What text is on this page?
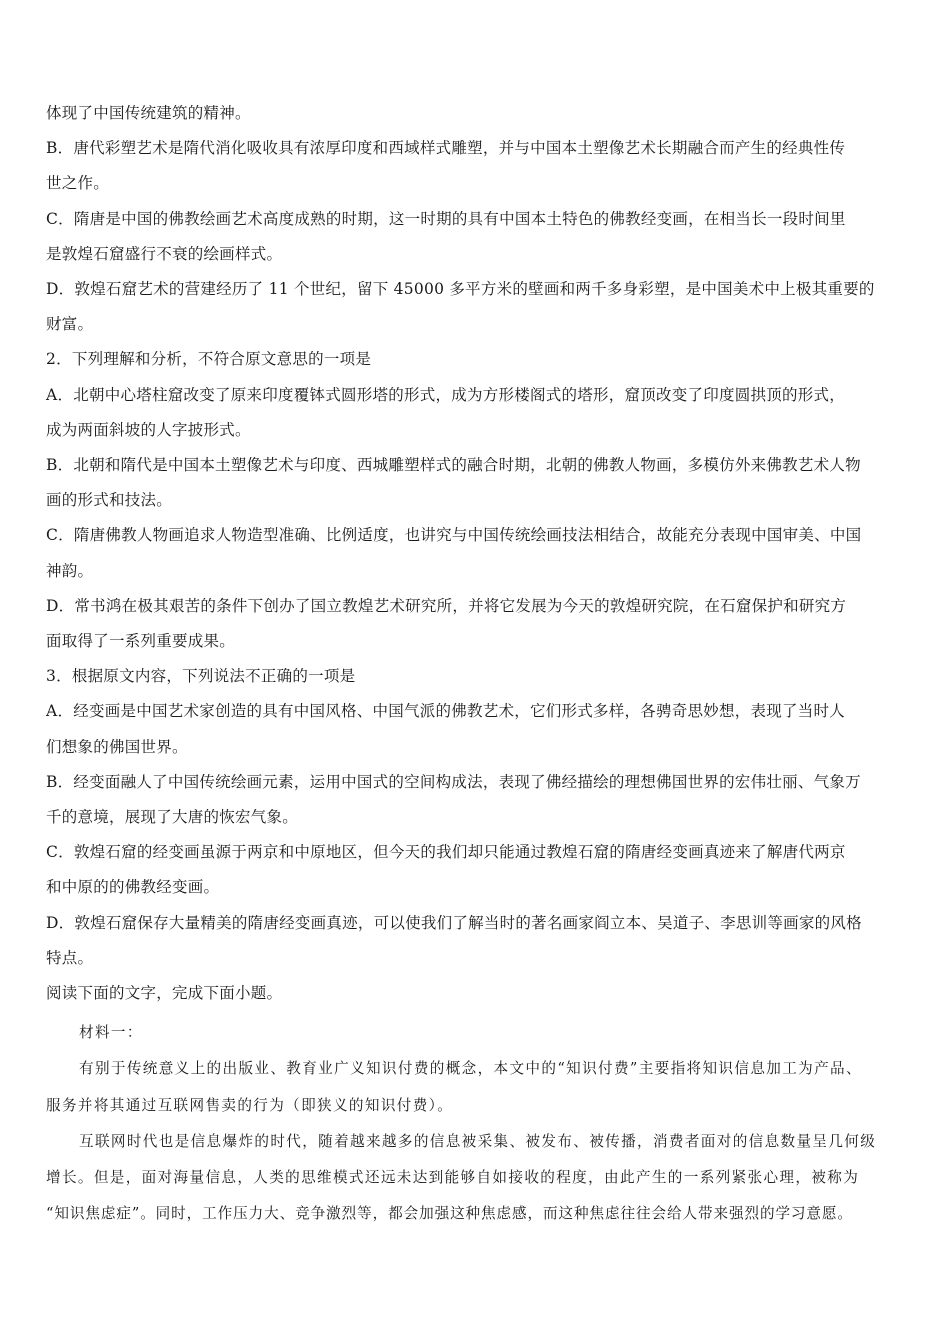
体现了中国传统建筑的精神。
B．唐代彩塑艺术是隋代消化吸收具有浓厚印度和西域样式雕塑，并与中国本土塑像艺术长期融合而产生的经典性传
世之作。
C．隋唐是中国的佛教绘画艺术高度成熟的时期，这一时期的具有中国本土特色的佛教经变画，在相当长一段时间里
是敦煌石窟盛行不衰的绘画样式。
D．敦煌石窟艺术的营建经历了 11 个世纪，留下 45000 多平方米的壁画和两千多身彩塑，是中国美术中上极其重要的
财富。
2．下列理解和分析，不符合原文意思的一项是
A．北朝中心塔柱窟改变了原来印度覆钵式圆形塔的形式，成为方形楼阁式的塔形，窟顶改变了印度圆拱顶的形式，
成为两面斜坡的人字披形式。
B．北朝和隋代是中国本土塑像艺术与印度、西城雕塑样式的融合时期，北朝的佛教人物画，多模仿外来佛教艺术人物
画的形式和技法。
C．隋唐佛教人物画追求人物造型准确、比例适度，也讲究与中国传统绘画技法相结合，故能充分表现中国审美、中国
神韵。
D．常书鸿在极其艰苦的条件下创办了国立教煌艺术研究所，并将它发展为今天的敦煌研究院，在石窟保护和研究方
面取得了一系列重要成果。
3．根据原文内容，下列说法不正确的一项是
A．经变画是中国艺术家创造的具有中国风格、中国气派的佛教艺术，它们形式多样，各骋奇思妙想，表现了当时人
们想象的佛国世界。
B．经变面融人了中国传统绘画元素，运用中国式的空间构成法，表现了佛经描绘的理想佛国世界的宏伟壮丽、气象万
千的意境，展现了大唐的恢宏气象。
C．敦煌石窟的经变画虽源于两京和中原地区，但今天的我们却只能通过教煌石窟的隋唐经变画真迹来了解唐代两京
和中原的的佛教经变画。
D．敦煌石窟保存大量精美的隋唐经变画真迹，可以使我们了解当时的著名画家阎立本、吴道子、李思训等画家的风格
特点。
阅读下面的文字，完成下面小题。
材料一：
有别于传统意义上的出版业、教育业广义知识付费的概念，本文中的“知识付费”主要指将知识信息加工为产品、
服务并将其通过互联网售卖的行为（即狭义的知识付费）。
互联网时代也是信息爆炸的时代，随着越来越多的信息被采集、被发布、被传播，消费者面对的信息数量呈几何级
增长。但是，面对海量信息，人类的思维模式还远未达到能够自如接收的程度，由此产生的一系列紧张心理，被称为
“知识焦虑症”。同时，工作压力大、竞争激烈等，都会加强这种焦虑感，而这种焦虑往往会给人带来强烈的学习意愿。
